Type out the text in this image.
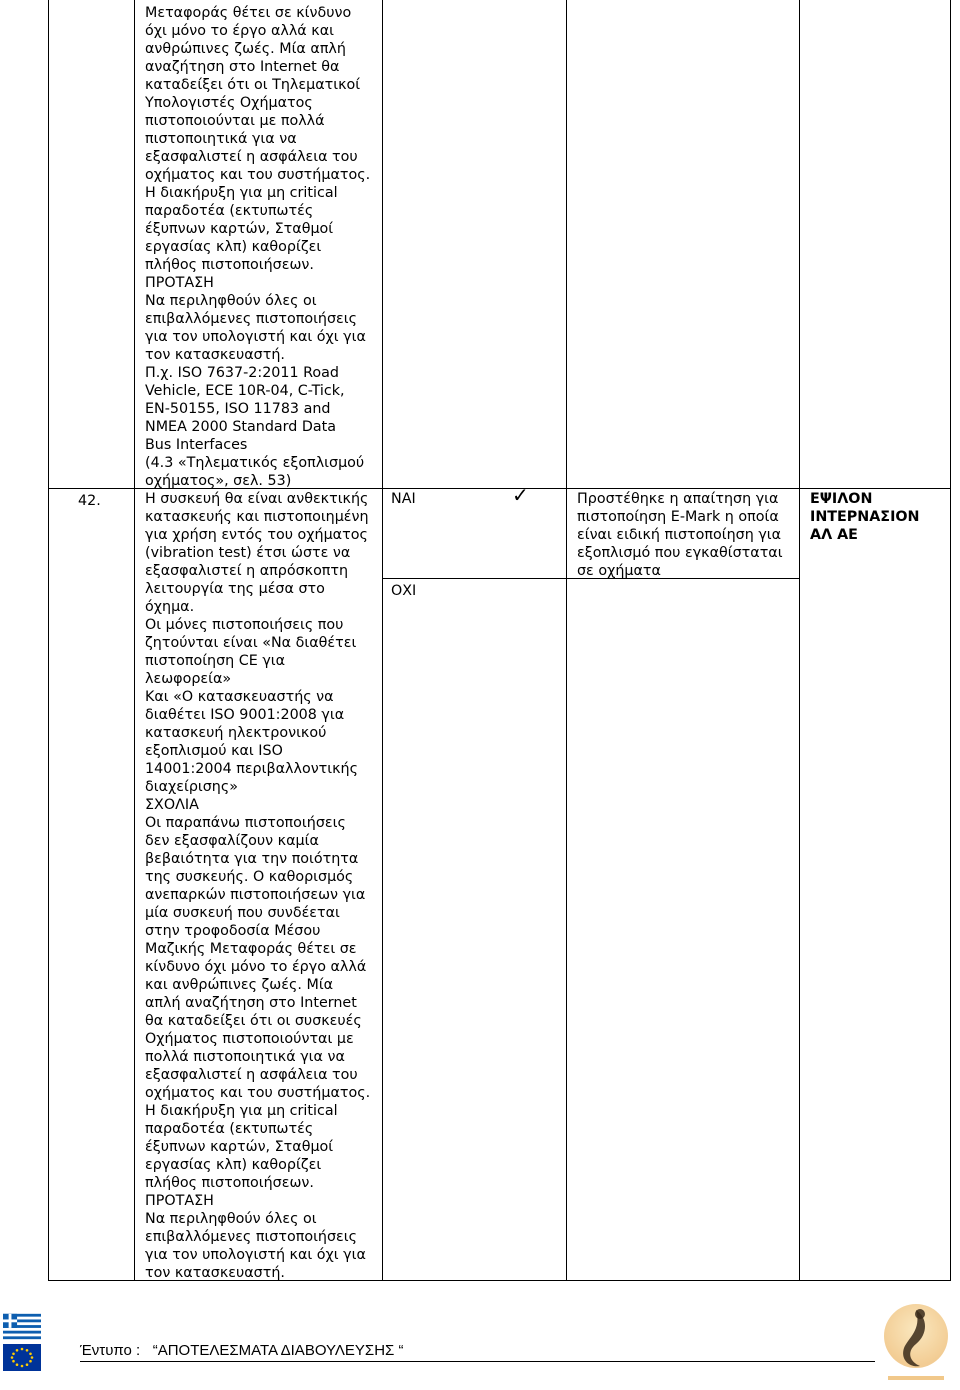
Μεταφοράς θέτει σε κίνδυνο
όχι μόνο το έργο αλλά και
ανθρώπινες ζωές. Μία απλή
αναζήτηση στο Internet θα
καταδείξει ότι οι Τηλεματικοί
Υπολογιστές Οχήματος
πιστοποιούνται με πολλά
πιστοποιητικά για να
εξασφαλιστεί η ασφάλεια του
οχήματος και του συστήματος.
Η διακήρυξη για μη critical
παραδοτέα (εκτυπωτές
έξυπνων καρτών, Σταθμοί
εργασίας κλπ) καθορίζει
πλήθος πιστοποιήσεων.
ΠΡΟΤΑΣΗ
Να περιληφθούν όλες οι
επιβαλλόμενες πιστοποιήσεις
για τον υπολογιστή και όχι για
τον κατασκευαστή.
Π.χ. ISO 7637-2:2011 Road
Vehicle, ECE 10R-04, C-Tick,
EN-50155, ISO 11783 and
NMEA 2000 Standard Data
Bus Interfaces
(4.3 «Τηλεματικός εξοπλισμού
οχήματος», σελ. 53)
42.	Η συσκευή θα είναι ανθεκτικής
κατασκευής και πιστοποιημένη
για χρήση εντός του οχήματος
(vibration test) έτσι ώστε να
εξασφαλιστεί η απρόσκοπτη
λειτουργία της μέσα στο
όχημα.
Οι μόνες πιστοποιήσεις που
ζητούνται είναι «Να διαθέτει
πιστοποίηση CE για
λεωφορεία»
Και «Ο κατασκευαστής να
διαθέτει ISO 9001:2008 για
κατασκευή ηλεκτρονικού
εξοπλισμού και ISO
14001:2004 περιβαλλοντικής
διαχείρισης»
ΣΧΟΛΙΑ
Οι παραπάνω πιστοποιήσεις
δεν εξασφαλίζουν καμία
βεβαιότητα για την ποιότητα
της συσκευής. Ο καθορισμός
ανεπαρκών πιστοποιήσεων για
μία συσκευή που συνδέεται
στην τροφοδοσία Μέσου
Μαζικής Μεταφοράς θέτει σε
κίνδυνο όχι μόνο το έργο αλλά
και ανθρώπινες ζωές. Μία
απλή αναζήτηση στο Internet
θα καταδείξει ότι οι συσκευές
Οχήματος πιστοποιούνται με
πολλά πιστοποιητικά για να
εξασφαλιστεί η ασφάλεια του
οχήματος και του συστήματος.
Η διακήρυξη για μη critical
παραδοτέα (εκτυπωτές
έξυπνων καρτών, Σταθμοί
εργασίας κλπ) καθορίζει
πλήθος πιστοποιήσεων.
ΠΡΟΤΑΣΗ
Να περιληφθούν όλες οι
επιβαλλόμενες πιστοποιήσεις
για τον υπολογιστή και όχι για
τον κατασκευαστή.
ΝΑΙ	✓
ΟΧΙ
Προστέθηκε η απαίτηση για
πιστοποίηση E-Mark η οποία
είναι ειδική πιστοποίηση για
εξοπλισμό που εγκαθίσταται
σε οχήματα
ΕΨΙΛΟΝ
ΙΝΤΕΡΝΑΣΙΟΝ
ΑΛ ΑΕ
Έντυπο :   “ΑΠΟΤΕΛΕΣΜΑΤΑ ΔΙΑΒΟΥΛΕΥΣΗΣ “
